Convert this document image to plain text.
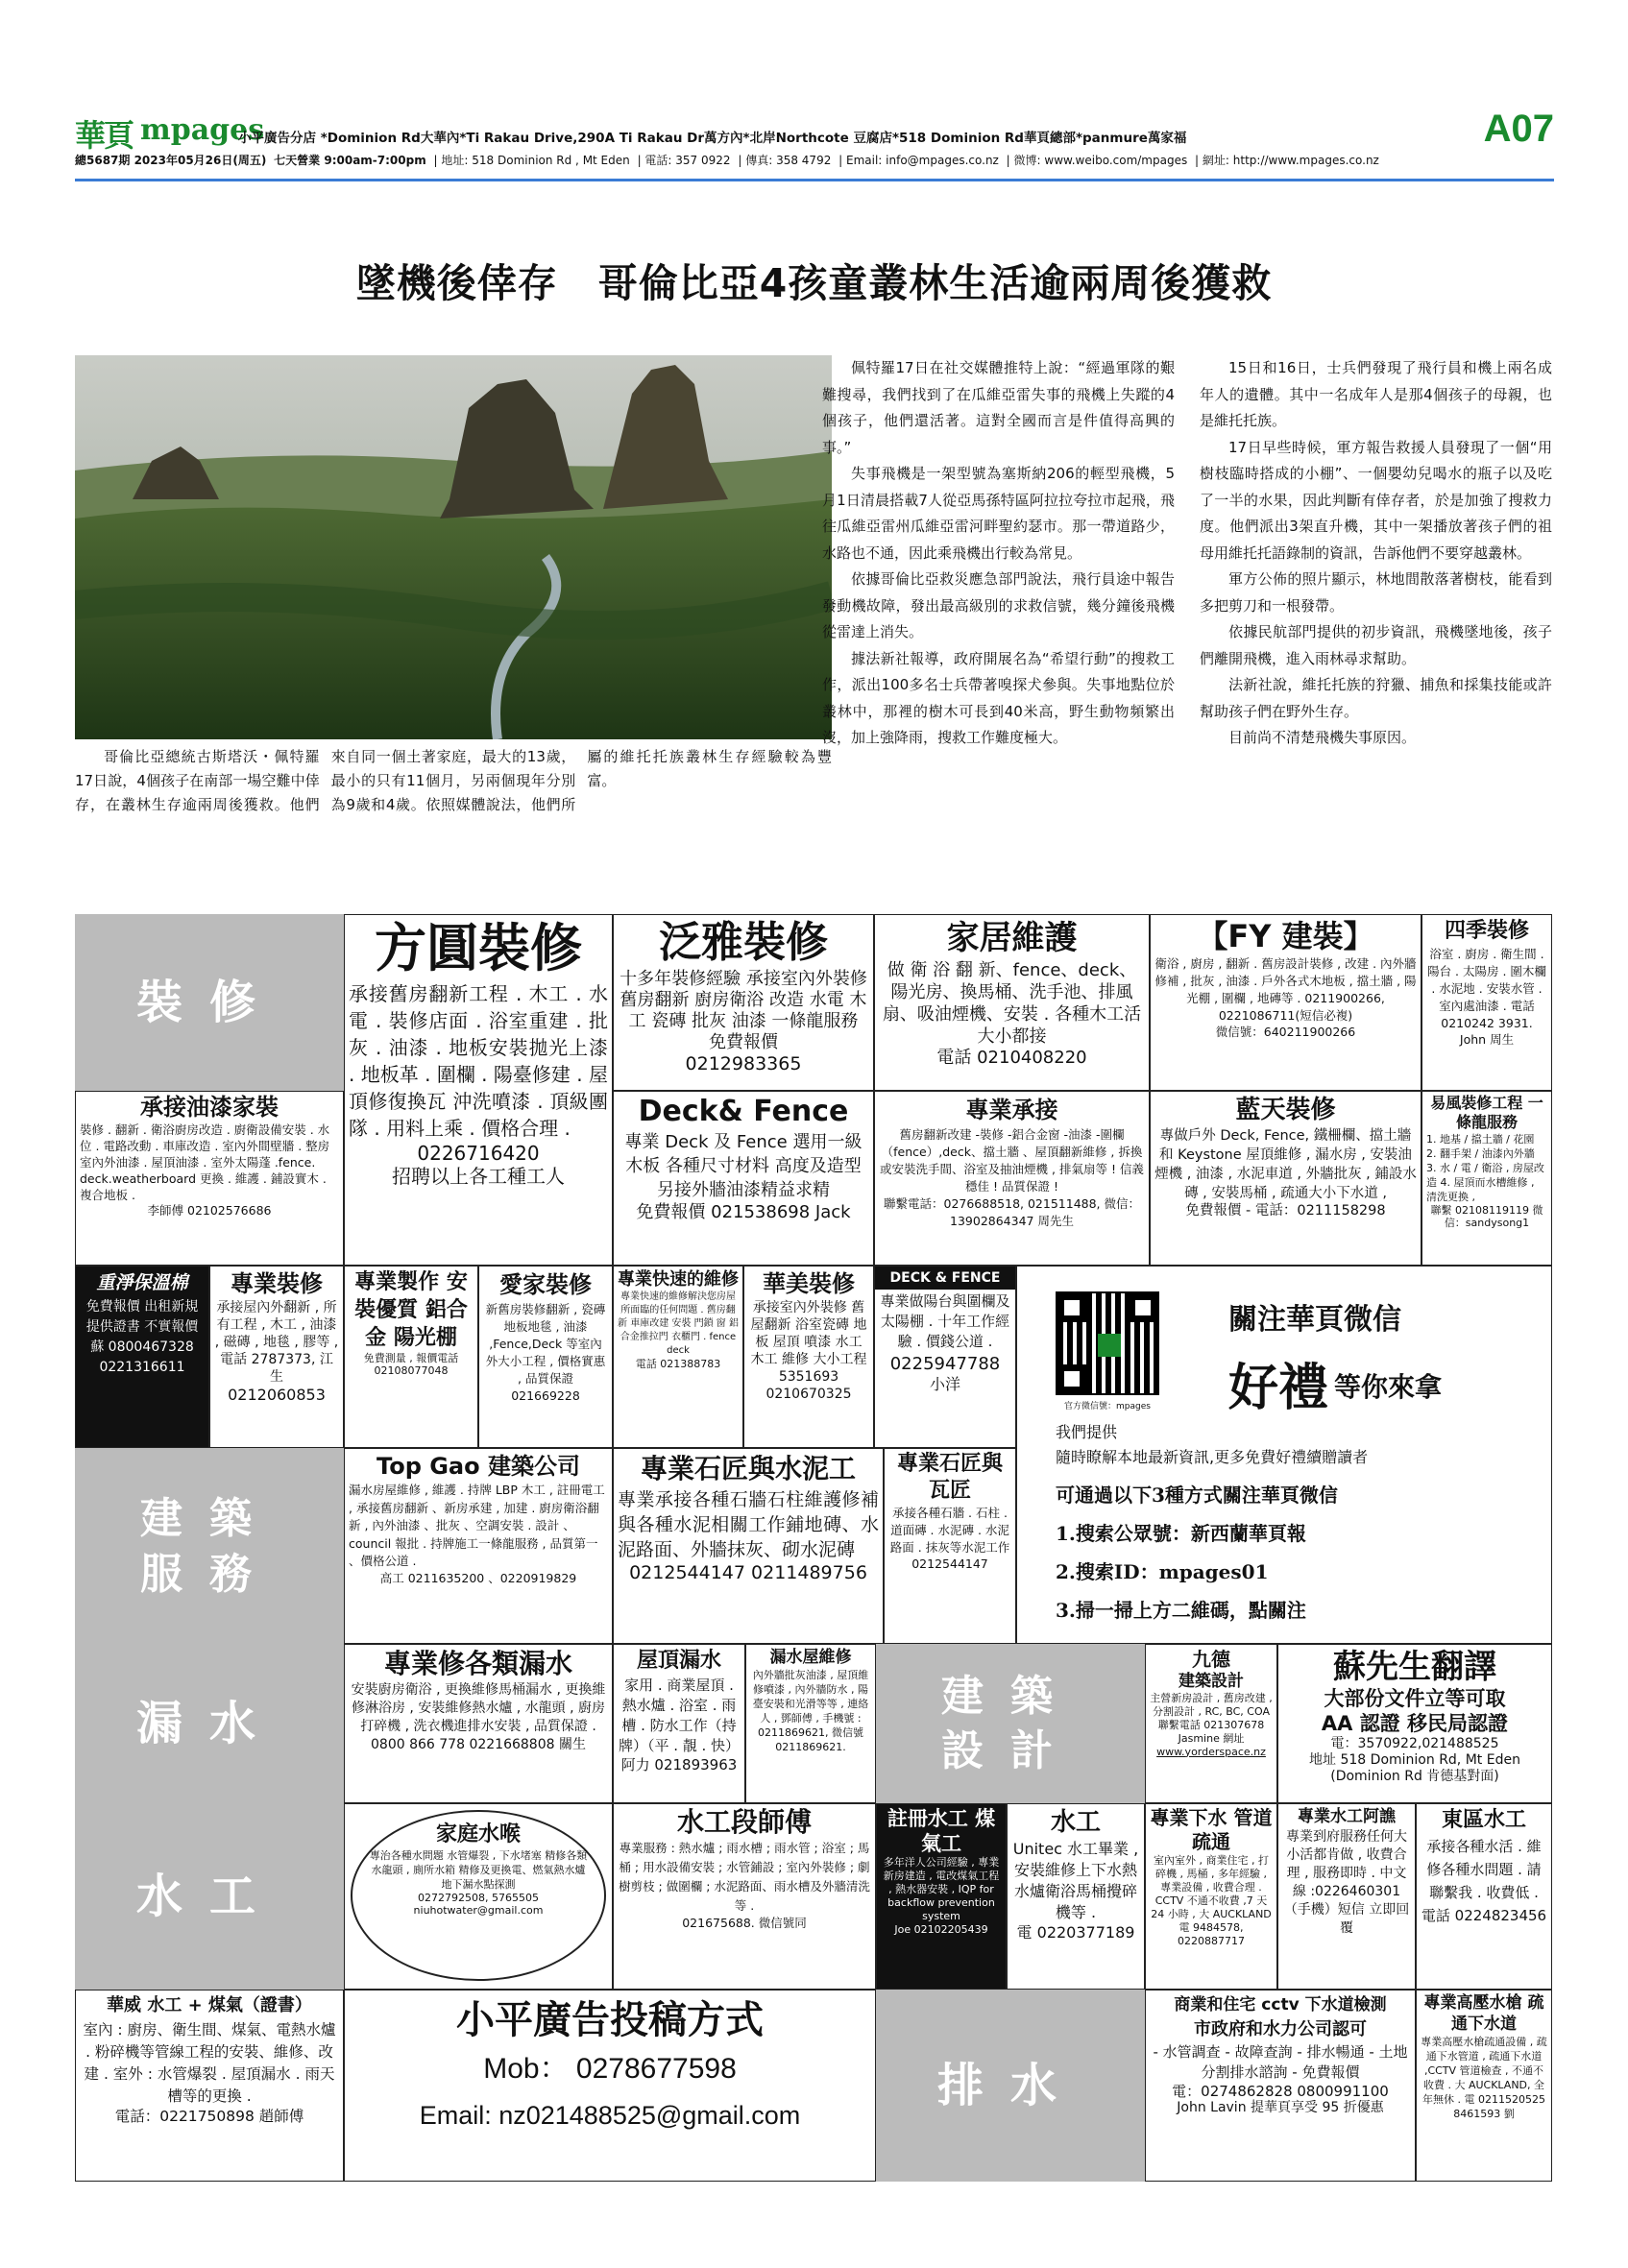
華頁 mpages
小平廣告分店 *Dominion Rd大華內*Ti Rakau Drive,290A Ti Rakau Dr萬方內*北岸Northcote 豆腐店*518 Dominion Rd華頁總部*panmure萬家福	A07
總5687期 2023年05月26日(周五) 七天營業 9:00am-7:00pm | 地址: 518 Dominion Rd , Mt Eden | 電話: 357 0922 | 傳真: 358 4792 | Email: info@mpages.co.nz | 微博: www.weibo.com/mpages | 網址: http://www.mpages.co.nz
墜機後倖存　哥倫比亞4孩童叢林生活逾兩周後獲救
哥倫比亞總統古斯塔沃・佩特羅17日說，4個孩子在南部一場空難中倖存，在叢林生存逾兩周後獲救。他們來自同一個土著家庭，最大的13歲，最小的只有11個月，另兩個現年分別為9歲和4歲。依照媒體說法，他們所屬的維托托族叢林生存經驗較為豐富。

佩特羅17日在社交媒體推特上說：“經過軍隊的艱難搜尋，我們找到了在瓜維亞雷失事的飛機上失蹤的4個孩子，他們還活著。這對全國而言是件值得高興的事。”

失事飛機是一架型號為塞斯納206的輕型飛機，5月1日清晨搭載7人從亞馬孫特區阿拉拉夸拉市起飛，飛往瓜維亞雷州瓜維亞雷河畔聖約瑟市。那一帶道路少，水路也不通，因此乘飛機出行較為常見。

依據哥倫比亞救災應急部門說法，飛行員途中報告發動機故障，發出最高級別的求救信號，幾分鐘後飛機從雷達上消失。

據法新社報導，政府開展名為“希望行動”的搜救工作，派出100多名士兵帶著嗅探犬參與。失事地點位於叢林中，那裡的樹木可長到40米高，野生動物頻繁出沒，加上強降雨，搜救工作難度極大。

15日和16日，士兵們發現了飛行員和機上兩名成年人的遺體。其中一名成年人是那4個孩子的母親，也是維托托族。

17日早些時候，軍方報告救援人員發現了一個“用樹枝臨時搭成的小棚”、一個嬰幼兒喝水的瓶子以及吃了一半的水果，因此判斷有倖存者，於是加強了搜救力度。他們派出3架直升機，其中一架播放著孩子們的祖母用維托托語錄制的資訊，告訴他們不要穿越叢林。

軍方公佈的照片顯示，林地間散落著樹枝，能看到多把剪刀和一根發帶。

依據民航部門提供的初步資訊，飛機墜地後，孩子們離開飛機，進入雨林尋求幫助。

法新社說，維托托族的狩獵、捕魚和採集技能或許幫助孩子們在野外生存。

目前尚不清楚飛機失事原因。

裝修
建築
服務
漏水
水工
建築
設計
排水
方圓裝修
承接舊房翻新工程 . 木工 . 水電 . 裝修店面 . 浴室重建 . 批灰 . 油漆 . 地板安裝拋光上漆 . 地板革 . 圍欄 . 陽臺修建 . 屋頂修復換瓦 沖洗噴漆 . 頂級團隊 . 用料上乘 . 價格合理 .
0226716420
招聘以上各工種工人
泛雅裝修
十多年裝修經驗 承接室內外裝修 舊房翻新 廚房衛浴 改造 水電 木工 瓷磚 批灰 油漆 一條龍服務 免費報價
0212983365
家居維護
做 衛 浴 翻 新、fence、deck、陽光房、換馬桶、洗手池、排風扇、吸油煙機、安裝 . 各種木工活大小都接
電話 0210408220
【FY 建裝】
衛浴 , 廚房 , 翻新 . 舊房設計裝修 , 改建 . 內外牆修補 , 批灰 , 油漆 . 戶外各式木地板 , 擋土牆 , 陽光棚 , 圍欄 , 地磚等 . 0211900266, 0221086711(短信必複)
微信號：640211900266
四季裝修
浴室 . 廚房 . 衛生間 . 陽台 . 太陽房 . 圍木欄 . 水泥地 . 安裝水管 . 室內處油漆 . 電話 0210242 3931.
John 周生
承接油漆家裝
裝修 . 翻新 . 衛浴廚房改造 . 廚衛設備安裝 . 水位 . 電路改動 . 車庫改造 . 室內外間壁牆 . 整房室內外油漆 . 屋頂油漆 . 室外太陽蓬 .fence. deck.weatherboard 更換 . 維護 . 鋪設實木 . 複合地板 .
李師傅 02102576686
Deck& Fence
專業 Deck 及 Fence 選用一級木板 各種尺寸材料 高度及造型 另接外牆油漆精益求精
免費報價 021538698 Jack
專業承接
舊房翻新改建 -裝修 -鋁合金窗 -油漆 -圍欄（fence）,deck、擋土牆 、屋頂翻新維修 , 拆換或安裝洗手間、浴室及抽油煙機 , 排氣扇等 ! 信義穩佳 ! 品質保證 !
聯繫電話：0276688518, 021511488, 微信：13902864347 周先生
藍天裝修
專做戶外 Deck, Fence, 鐵柵欄、擋土牆和 Keystone 屋頂維修 , 漏水房 , 安裝油煙機 , 油漆 , 水泥車道 , 外牆批灰 , 鋪設水磚 , 安裝馬桶 , 疏通大小下水道 ,
免費報價 - 電話：0211158298
易風裝修工程 一條龍服務
1. 地基 / 擋土牆 / 花園 2. 翻手架 / 油漆內外牆 3. 水 / 電 / 衛浴 , 房屋改造 4. 屋頂而水槽維修 , 清洗更換 ,
聯繫 02108119119 微信：sandysong1
重淨保溫棉
免費報價 出租新規 提供證書 不實報價
蘇 0800467328 0221316611
專業裝修
承接屋內外翻新 , 所有工程 , 木工 , 油漆 , 磁磚 , 地毯 , 膠等 , 電話 2787373, 江生
0212060853
專業製作 安裝優質 鋁合金 陽光棚
免費測量 , 報價電話 02108077048
愛家裝修
新舊房裝修翻新 , 瓷磚地板地毯 , 油漆 ,Fence,Deck 等室內外大小工程 , 價格實惠 , 品質保證 021669228
專業快速的維修
專業快速的維修解決您房屋所面臨的任何問題 . 舊房翻新 車庫改建 安裝 門鎖 窗 鋁合金推拉門 衣櫃門 . fence deck
電話 021388783
華美裝修
承接室內外裝修 舊屋翻新 浴室瓷磚 地板 屋頂 噴漆 水工 木工 維修 大小工程
5351693 0210670325
DECK & FENCE
專業做陽台與圍欄及太陽棚 . 十年工作經驗 . 價錢公道 .
0225947788
小洋
官方微信號：mpages
關注華頁微信
好禮 等你來拿
我們提供
隨時瞭解本地最新資訊,更多免費好禮續贈讀者
可通過以下3種方式關注華頁微信
1.搜索公眾號：新西蘭華頁報
2.搜索ID：mpages01
3.掃一掃上方二維碼，點關注
Top Gao 建築公司
漏水房屋維修 , 維護 . 持牌 LBP 木工 , 註冊電工 , 承接舊房翻新 、新房承建 , 加建 . 廚房衛浴翻新 , 內外油漆 、批灰 、空調安裝 . 設計 、council 報批 . 持牌施工一條龍服務 , 品質第一 、價格公道 .
高工 0211635200 、0220919829
專業石匠與水泥工
專業承接各種石牆石柱維護修補與各種水泥相關工作鋪地磚、水泥路面、外牆抹灰、砌水泥磚
0212544147 0211489756
專業石匠與瓦匠
承接各種石牆 . 石柱 . 道面磚 . 水泥磚 . 水泥路面 . 抹灰等水泥工作
0212544147
專業修各類漏水
安裝廚房衛浴 , 更換維修馬桶漏水 , 更換維修淋浴房 , 安裝維修熱水爐 , 水龍頭 , 廚房打碎機 , 洗衣機進排水安裝 , 品質保證 .
0800 866 778 0221668808 關生
屋頂漏水
家用 . 商業屋頂 . 熱水爐 . 浴室 . 雨槽 . 防水工作（持牌）（平 . 靚 . 快）
阿力 021893963
漏水屋維修
內外牆批灰油漆 , 屋頂維修噴漆 , 內外牆防水 , 陽臺安裝和光滑等等 , 連絡人 , 鄧師傅 , 手機號 : 0211869621, 微信號 0211869621.
九德
建築設計
主營新房設計 , 舊房改建 , 分割設計 , RC, BC, COA 聯繫電話 021307678 Jasmine 網址
www.yorderspace.nz
蘇先生翻譯
大部份文件立等可取
AA 認證 移民局認證
電：3570922,021488525
地址 518 Dominion Rd, Mt Eden
(Dominion Rd 肯德基對面)
家庭水喉
專治各種水問題 水管爆裂 , 下水堵塞 精修各類水龍頭 , 廁所水箱 精修及更換電、燃氣熱水爐 地下漏水點探測
0272792508, 5765505
niuhotwater@gmail.com
水工段師傅
專業服務 : 熱水爐 ; 雨水槽 ; 雨水管 ; 浴室 ; 馬桶 ; 用水設備安裝 ; 水管鋪設 ; 室內外裝修 ; 劇樹剪枝 ; 做圍欄 ; 水泥路面、雨水槽及外牆清洗等 .
021675688. 微信號同
註冊水工 煤氣工
多年洋人公司經驗 , 專業新房建造 , 電改煤氣工程 , 熱水器安裝 , IQP for backflow prevention system
Joe 02102205439
水工
Unitec 水工畢業 , 安裝維修上下水熱水爐衛浴馬桶攪碎機等 .
電 0220377189
專業下水 管道疏通
室內室外 , 商業住宅 , 打碎機 , 馬桶 , 多年經驗 , 專業設備 , 收費合理 . CCTV 不通不收費 ,7 天 24 小時 , 大 AUCKLAND 電 9484578, 0220887717
專業水工阿譙
專業到府服務任何大小活都肯做 , 收費合理 , 服務即時 . 中文線 :0226460301（手機）短信 立即回覆
東區水工
承接各種水活 . 維修各種水問題 . 請聯繫我 . 收費低 . 電話 0224823456
華威 水工 + 煤氣（證書）
室內 : 廚房、衛生間、煤氣、電熱水爐 . 粉碎機等管線工程的安裝、維修、改建 . 室外 : 水管爆裂 . 屋頂漏水 . 雨天槽等的更換 .
電話：0221750898 趙師傅
小平廣告投稿方式
Mob： 0278677598
Email: nz021488525@gmail.com
商業和住宅 cctv 下水道檢測
市政府和水力公司認可
- 水管調查 - 故障查詢 - 排水暢通 - 土地分割排水諮詢 - 免費報價
電：0274862828 0800991100
John Lavin 提華頁享受 95 折優惠
專業高壓水槍 疏通下水道
專業高壓水槍疏通設備 , 疏通下水管道 , 疏通下水道 ,CCTV 管道檢查 , 不通不收費 . 大 AUCKLAND, 全年無休 . 電 0211520525 8461593 劉
